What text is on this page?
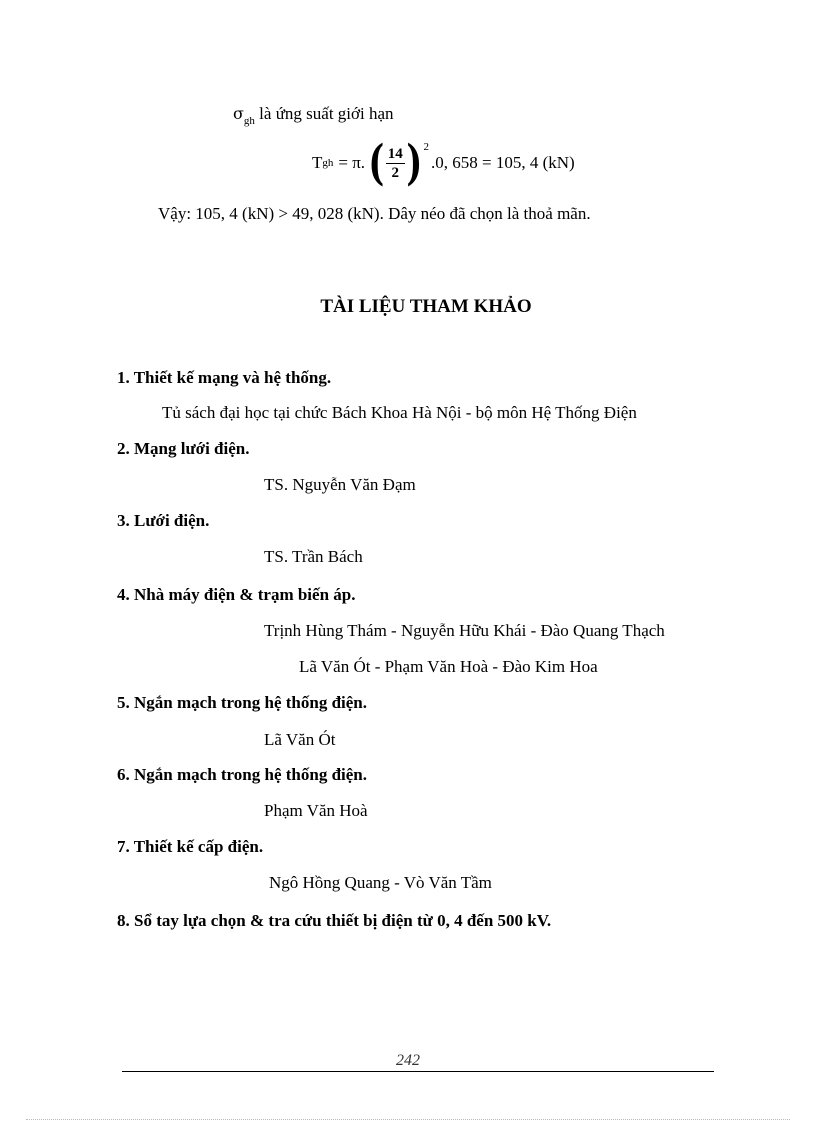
$\sigma_{gh}$ là ứng suất giới hạn
T gh = π. ( $\frac{14}{2}$ ) 2
.0, 658 = 105, 4 (kN)
Vậy: 105, 4 (kN) > 49, 028 (kN). Dây néo đã chọn là thoả mãn.
TÀI LIỆU THAM KHẢO
1. Thiết kế mạng và hệ thống.
Tủ sách đại học tại chức Bách Khoa Hà Nội - bộ môn Hệ Thống Điện
2. Mạng lưới điện.
TS. Nguyễn Văn Đạm
3. Lưới điện.
TS. Trần Bách
4. Nhà máy điện & trạm biến áp.
Trịnh Hùng Thám - Nguyễn Hữu Khái - Đào Quang Thạch
Lã Văn Ót - Phạm Văn Hoà - Đào Kim Hoa
5. Ngắn mạch trong hệ thống điện.
Lã Văn Ót
6. Ngắn mạch trong hệ thống điện.
Phạm Văn Hoà
7. Thiết kế cấp điện.
Ngô Hồng Quang - Vò Văn Tầm
8. Sổ tay lựa chọn & tra cứu thiết bị điện từ 0, 4 đến 500 kV.
242
